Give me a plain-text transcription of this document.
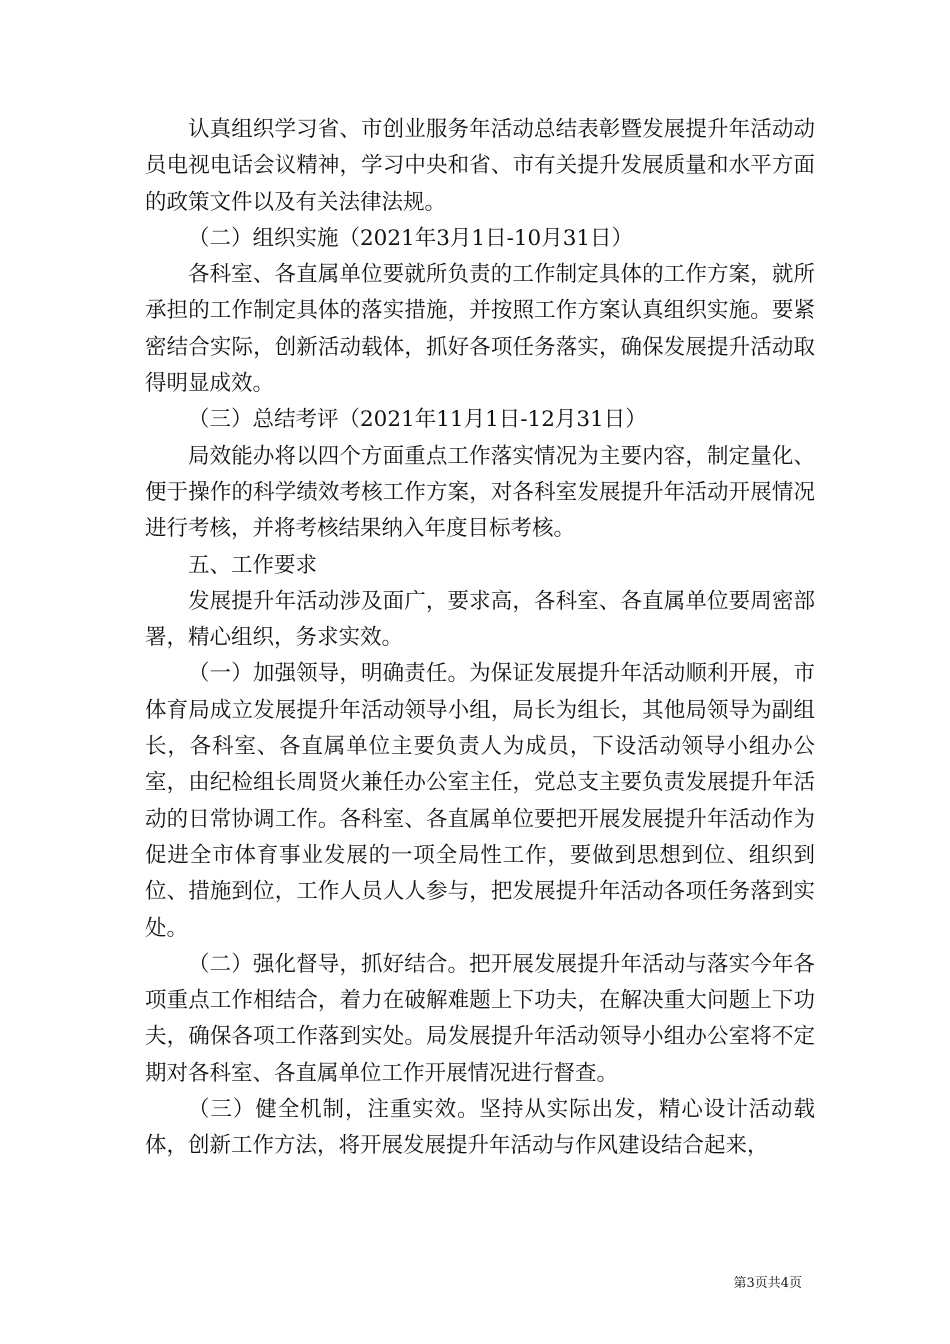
认真组织学习省、市创业服务年活动总结表彰暨发展提升年活动动员电视电话会议精神，学习中央和省、市有关提升发展质量和水平方面的政策文件以及有关法律法规。

（二）组织实施（2021年3月1日-10月31日）

各科室、各直属单位要就所负责的工作制定具体的工作方案，就所承担的工作制定具体的落实措施，并按照工作方案认真组织实施。要紧密结合实际，创新活动载体，抓好各项任务落实，确保发展提升活动取得明显成效。

（三）总结考评（2021年11月1日-12月31日）

局效能办将以四个方面重点工作落实情况为主要内容，制定量化、便于操作的科学绩效考核工作方案，对各科室发展提升年活动开展情况进行考核，并将考核结果纳入年度目标考核。

五、工作要求

发展提升年活动涉及面广，要求高，各科室、各直属单位要周密部署，精心组织，务求实效。

（一）加强领导，明确责任。为保证发展提升年活动顺利开展，市体育局成立发展提升年活动领导小组，局长为组长，其他局领导为副组长，各科室、各直属单位主要负责人为成员，下设活动领导小组办公室，由纪检组长周贤火兼任办公室主任，党总支主要负责发展提升年活动的日常协调工作。各科室、各直属单位要把开展发展提升年活动作为促进全市体育事业发展的一项全局性工作，要做到思想到位、组织到位、措施到位，工作人员人人参与，把发展提升年活动各项任务落到实处。

（二）强化督导，抓好结合。把开展发展提升年活动与落实今年各项重点工作相结合，着力在破解难题上下功夫，在解决重大问题上下功夫，确保各项工作落到实处。局发展提升年活动领导小组办公室将不定期对各科室、各直属单位工作开展情况进行督查。

（三）健全机制，注重实效。坚持从实际出发，精心设计活动载体，创新工作方法，将开展发展提升年活动与作风建设结合起来，

第3页共4页
